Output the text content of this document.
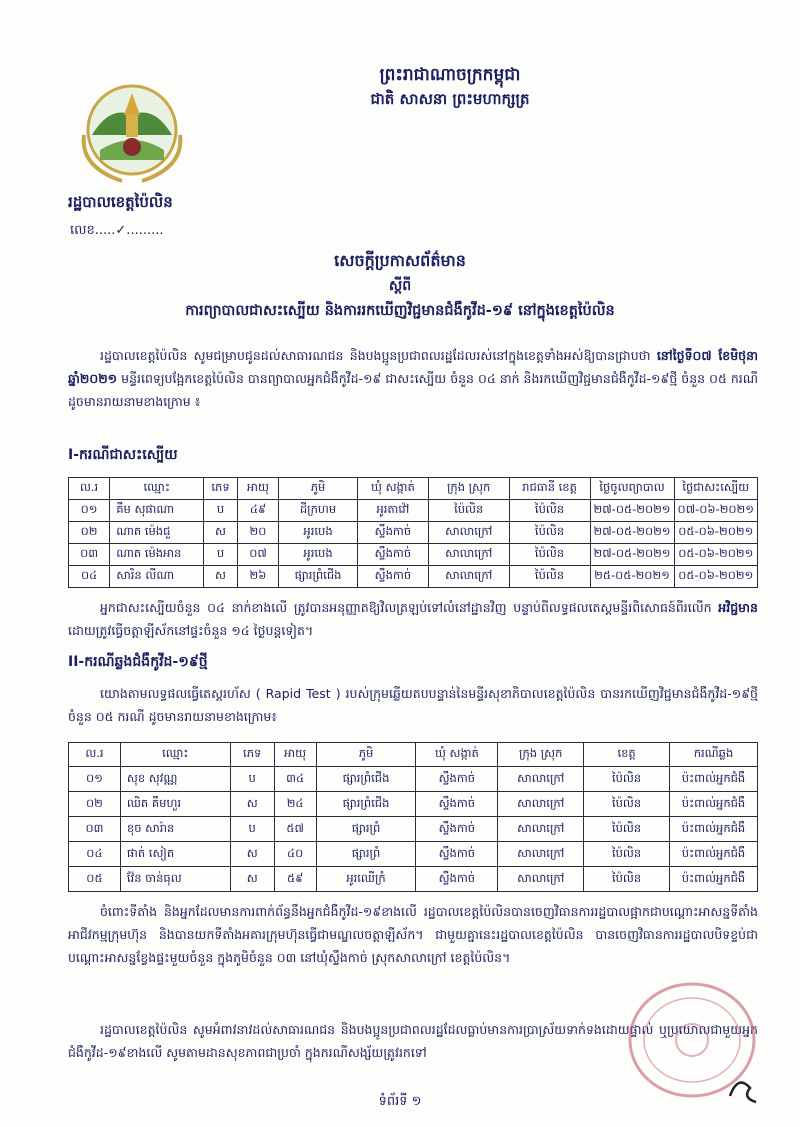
ព្រះរាជាណាចក្រកម្ពុជា
ជាតិ សាសនា ព្រះមហាក្សត្រ
រដ្ឋបាលខេត្តប៉ៃលិន
លេខ.....✓.........
សេចក្ដីប្រកាសព័ត៌មាន
ស្ដីពី
ការព្យាបាលជាសះស្បើយ និងការរកឃើញវិជ្ជមានជំងឺកូវីដ-១៩ នៅក្នុងខេត្តប៉ៃលិន
រដ្ឋបាលខេត្តប៉ៃលិន សូមជម្រាបជូនដល់សាធារណជន និងបងប្អូនប្រជាពលរដ្ឋដែលរស់នៅក្នុងខេត្តទាំងអស់ឱ្យបានជ្រាបថា នៅថ្ងៃទី០៧ ខែមិថុនា ឆ្នាំ២០២១ មន្ទីរពេទ្យបង្អែកខេត្តប៉ៃលិន បានព្យាបាលអ្នកជំងឺកូវីដ-១៩ ជាសះស្បើយ ចំនួន ០៤ នាក់ និងរកឃើញវិជ្ជមានជំងឺកូវីដ-១៩ថ្មី ចំនួន ០៥ ករណី ដូចមានរាយនាមខាងក្រោម ៖
I-ករណីជាសះស្បើយ
ល.រ	ឈ្មោះ	ភេទ	អាយុ	ភូមិ	ឃុំ សង្កាត់	ក្រុង ស្រុក	រាជធានី ខេត្ត	ថ្ងៃចូលព្យាបាល	ថ្ងៃជាសះស្បើយ
០១	គឹម សុផាណា	ប	៤៩	ដីក្រហម	អូរតាវ៉ៅ	ប៉ៃលិន	ប៉ៃលិន	២៧-០៥-២០២១	០៧-០៦-២០២១
០២	ណាត ម៉េងជួ	ស	២០	អូរបេង	ស្ទឹងកាច់	សាលាក្រៅ	ប៉ៃលិន	២៧-០៥-២០២១	០៥-០៦-២០២១
០៣	ណាត ម៉េងអាន	ប	០៧	អូរបេង	ស្ទឹងកាច់	សាលាក្រៅ	ប៉ៃលិន	២៧-០៥-២០២១	០៥-០៦-២០២១
០៤	សារិន លីណា	ស	២៦	ផ្សារព្រំជើង	ស្ទឹងកាច់	សាលាក្រៅ	ប៉ៃលិន	២៥-០៥-២០២១	០៥-០៦-២០២១
អ្នកជាសះស្បើយចំនួន ០៤ នាក់ខាងលើ ត្រូវបានអនុញ្ញាតឱ្យវិលត្រឡប់ទៅលំនៅដ្ឋានវិញ បន្ទាប់ពីលទ្ធផលតេស្តមន្ទីរពិសោធន៍ពីរលើក អវិជ្ជមាន ដោយត្រូវធ្វើចត្តាឡីស័កនៅផ្ទះចំនួន ១៤ ថ្ងៃបន្តទៀត។
II-ករណីឆ្លងជំងឺកូវីដ-១៩ថ្មី
យោងតាមលទ្ធផលធ្វើតេស្តរហ័ស ( Rapid Test ) របស់ក្រុមឆ្លើយតបបន្ទាន់នៃមន្ទីរសុខាភិបាលខេត្តប៉ៃលិន បានរកឃើញវិជ្ជមានជំងឺកូវីដ-១៩ថ្មី ចំនួន ០៥ ករណី ដូចមានរាយនាមខាងក្រោម៖
ល.រ	ឈ្មោះ	ភេទ	អាយុ	ភូមិ	ឃុំ សង្កាត់	ក្រុង ស្រុក	ខេត្ត	ករណីឆ្លង
០១	សុខ សុវណ្ណ	ប	៣៤	ផ្សារព្រំជើង	ស្ទឹងកាច់	សាលាក្រៅ	ប៉ៃលិន	ប៉ះពាល់អ្នកជំងឺ
០២	ឈិត គឹមហួរ	ស	២៤	ផ្សារព្រំជើង	ស្ទឹងកាច់	សាលាក្រៅ	ប៉ៃលិន	ប៉ះពាល់អ្នកជំងឺ
០៣	ខុច សារ៉ាន	ប	៥៧	ផ្សារព្រំ	ស្ទឹងកាច់	សាលាក្រៅ	ប៉ៃលិន	ប៉ះពាល់អ្នកជំងឺ
០៤	ផាត់ សៀត	ស	៤០	ផ្សារព្រំ	ស្ទឹងកាច់	សាលាក្រៅ	ប៉ៃលិន	ប៉ះពាល់អ្នកជំងឺ
០៥	វ៉ែន ចាន់ធុល	ស	៥៩	អូរឈើក្រំ	ស្ទឹងកាច់	សាលាក្រៅ	ប៉ៃលិន	ប៉ះពាល់អ្នកជំងឺ
ចំពោះទីតាំង និងអ្នកដែលមានការពាក់ព័ន្ធនឹងអ្នកជំងឺកូវីដ-១៩ខាងលើ រដ្ឋបាលខេត្តប៉ៃលិនបានចេញវិធានការរដ្ឋបាលផ្អាកជាបណ្ដោះអាសន្នទីតាំងអាជីវកម្មក្រុមហ៊ុន និងបានយកទីតាំងអគារក្រុមហ៊ុនធ្វើជាមណ្ឌលចត្តាឡីស័ក។ ជាមួយគ្នានេះរដ្ឋបាលខេត្តប៉ៃលិន បានចេញវិធានការរដ្ឋបាលបិទខ្ទប់ជាបណ្ដោះអាសន្នខ្វែងផ្ទះមួយចំនួន ក្នុងភូមិចំនួន ០៣ នៅឃុំស្ទឹងកាច់ ស្រុកសាលាក្រៅ ខេត្តប៉ៃលិន។
រដ្ឋបាលខេត្តប៉ៃលិន សូមអំពាវនាវដល់សាធារណជន និងបងប្អូនប្រជាពលរដ្ឋដែលធ្លាប់មានការប្រាស្រ័យទាក់ទងដោយផ្ទាល់ ឬប្រយោលជាមួយអ្នកជំងឺកូវីដ-១៩ខាងលើ សូមតាមដានសុខភាពជាប្រចាំ ក្នុងករណីសង្ស័យត្រូវរកទៅ
ទំព័រទី ១
